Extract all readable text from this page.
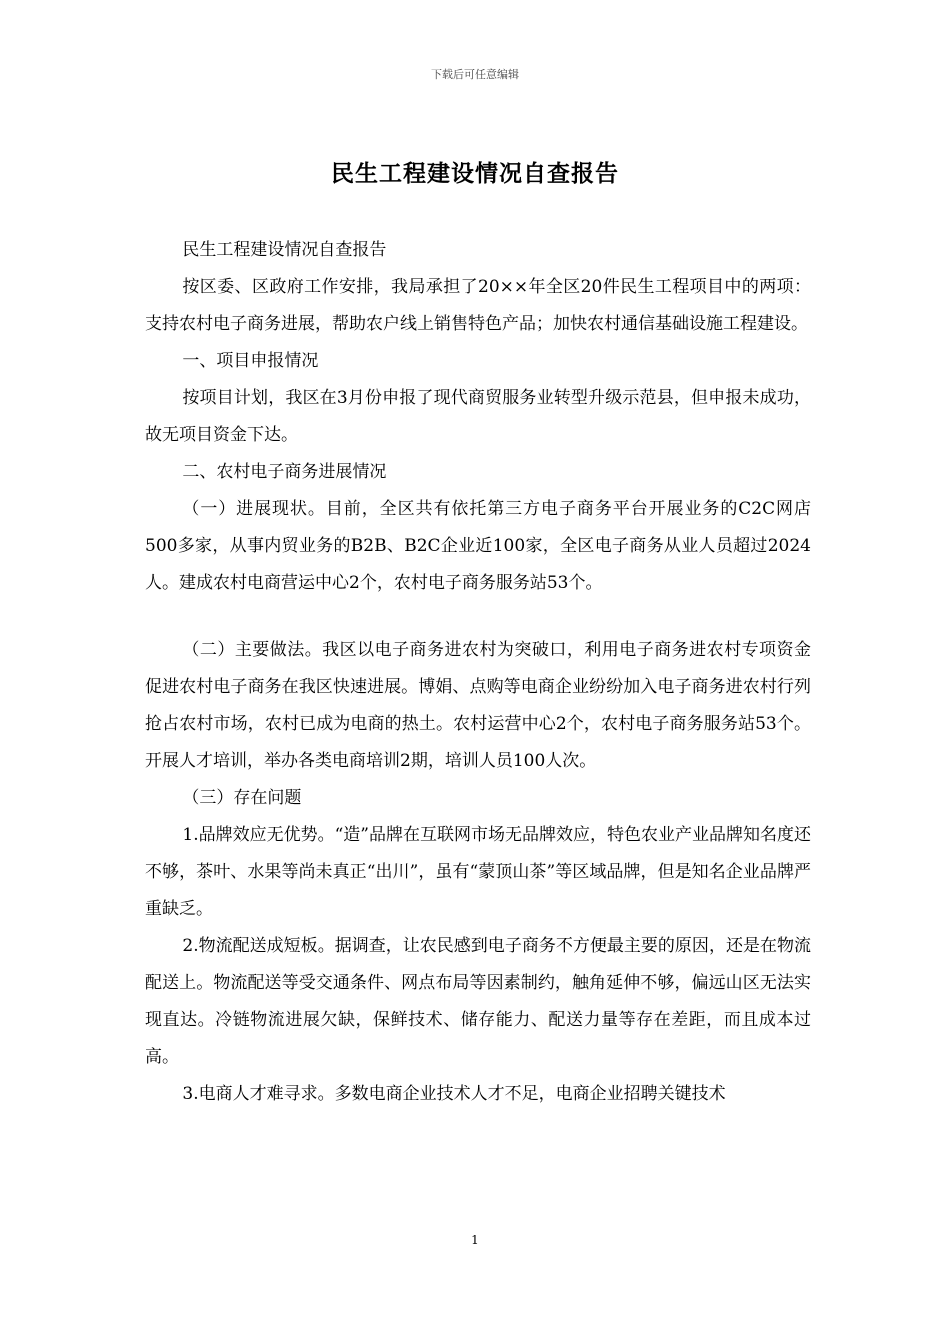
下载后可任意编辑
民生工程建设情况自查报告

民生工程建设情况自查报告

按区委、区政府工作安排，我局承担了20××年全区20件民生工程项目中的两项：支持农村电子商务进展，帮助农户线上销售特色产品；加快农村通信基础设施工程建设。

一、项目申报情况

按项目计划，我区在3月份申报了现代商贸服务业转型升级示范县，但申报未成功，故无项目资金下达。

二、农村电子商务进展情况

（一）进展现状。目前，全区共有依托第三方电子商务平台开展业务的C2C网店500多家，从事内贸业务的B2B、B2C企业近100家，全区电子商务从业人员超过2024人。建成农村电商营运中心2个，农村电子商务服务站53个。

（二）主要做法。我区以电子商务进农村为突破口，利用电子商务进农村专项资金促进农村电子商务在我区快速进展。博娟、点购等电商企业纷纷加入电子商务进农村行列抢占农村市场，农村已成为电商的热土。农村运营中心2个，农村电子商务服务站53个。开展人才培训，举办各类电商培训2期，培训人员100人次。

（三）存在问题

1.品牌效应无优势。“造”品牌在互联网市场无品牌效应，特色农业产业品牌知名度还不够，茶叶、水果等尚未真正“出川”，虽有“蒙顶山茶”等区域品牌，但是知名企业品牌严重缺乏。

2.物流配送成短板。据调查，让农民感到电子商务不方便最主要的原因，还是在物流配送上。物流配送等受交通条件、网点布局等因素制约，触角延伸不够，偏远山区无法实现直达。冷链物流进展欠缺，保鲜技术、储存能力、配送力量等存在差距，而且成本过高。

3.电商人才难寻求。多数电商企业技术人才不足，电商企业招聘关键技术

1
